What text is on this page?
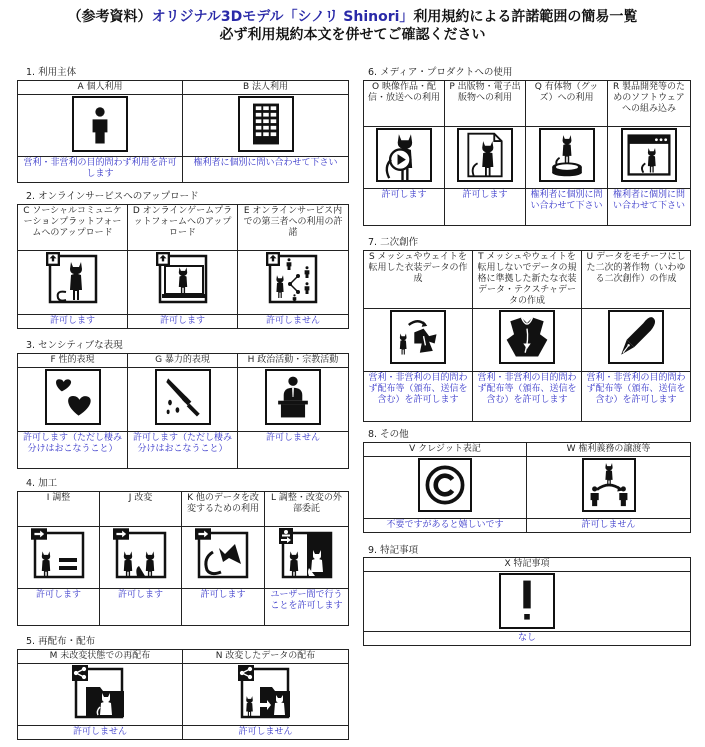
（参考資料）オリジナル3Dモデル「シノリ Shinori」利用規約による許諾範囲の簡易一覧
必ず利用規約本文を併せてご確認ください
1. 利用主体
A 個人利用	B 法人利用

営利・非営利の目的問わず利用を許可します	権利者に個別に問い合わせて下さい
2. オンラインサービスへのアップロード
C ソーシャルコミュニケーションプラットフォームへのアップロード	D オンラインゲームプラットフォームへのアップロード	E オンラインサービス内での第三者への利用の許諾

許可します	許可します	許可しません
3. センシティブな表現
F 性的表現	G 暴力的表現	H 政治活動・宗教活動

許可します（ただし棲み分けはおこなうこと）	許可します（ただし棲み分けはおこなうこと）	許可しません
4. 加工
I 調整	J 改変	K 他のデータを改変するための利用	L 調整・改変の外部委託

許可します	許可します	許可します	ユーザー間で行うことを許可します
5. 再配布・配布
M 未改変状態での再配布	N 改変したデータの配布

許可しません	許可しません
6. メディア・プロダクトへの使用
O 映像作品・配信・放送への利用	P 出版物・電子出版物への利用	Q 有体物（グッズ）への利用	R 製品開発等のためのソフトウェアへの組み込み

許可します	許可します	権利者に個別に問い合わせて下さい	権利者に個別に問い合わせて下さい
7. 二次創作
S メッシュやウェイトを転用した衣装データの作成	T メッシュやウェイトを転用しないでデータの規格に準拠した新たな衣装データ・テクスチャデータの作成	U データをモチーフにした二次的著作物（いわゆる二次創作）の作成

営利・非営利の目的問わず配布等（頒布、送信を含む）を許可します	営利・非営利の目的問わず配布等（頒布、送信を含む）を許可します	営利・非営利の目的問わず配布等（頒布、送信を含む）を許可します
8. その他
V クレジット表記	W 権利義務の譲渡等

不要ですがあると嬉しいです	許可しません
9. 特記事項
X 特記事項

なし
